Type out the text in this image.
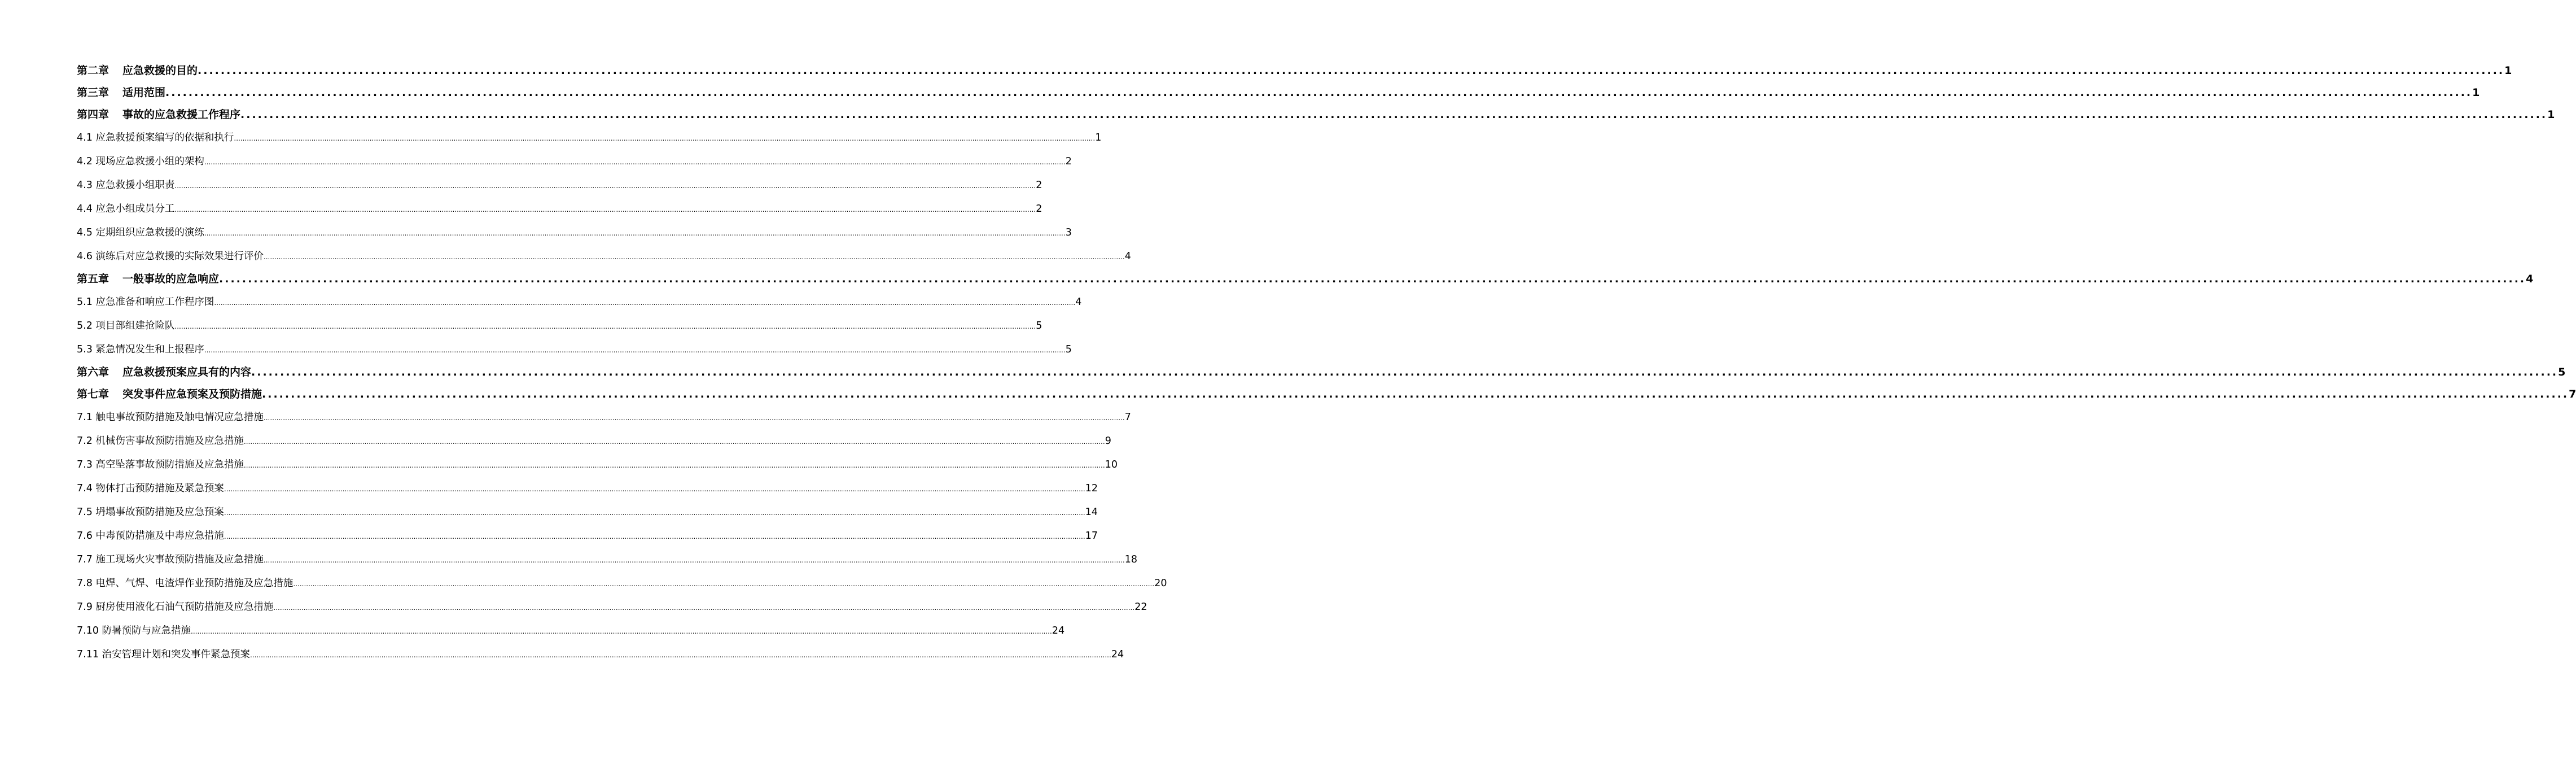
第二章 应急救援的目的 ................................................................................................................................................................................................................................................................................................................................................................................................................ 1
第三章 适用范围 ................................................................................................................................................................................................................................................................................................................................................................................................................ 1
第四章 事故的应急救援工作程序 ................................................................................................................................................................................................................................................................................................................................................................................................................ 1
4.1 应急救援预案编写的依据和执行 ................................................................................................................................................................................................................................................................................................................................................................................................................ 1
4.2 现场应急救援小组的架构 ................................................................................................................................................................................................................................................................................................................................................................................................................ 2
4.3 应急救援小组职责 ................................................................................................................................................................................................................................................................................................................................................................................................................ 2
4.4 应急小组成员分工 ................................................................................................................................................................................................................................................................................................................................................................................................................ 2
4.5 定期组织应急救援的演练 ................................................................................................................................................................................................................................................................................................................................................................................................................ 3
4.6 演练后对应急救援的实际效果进行评价 ................................................................................................................................................................................................................................................................................................................................................................................................................ 4
第五章 一般事故的应急响应 ................................................................................................................................................................................................................................................................................................................................................................................................................ 4
5.1 应急准备和响应工作程序图 ................................................................................................................................................................................................................................................................................................................................................................................................................ 4
5.2 项目部组建抢险队 ................................................................................................................................................................................................................................................................................................................................................................................................................ 5
5.3 紧急情况发生和上报程序 ................................................................................................................................................................................................................................................................................................................................................................................................................ 5
第六章 应急救援预案应具有的内容 ................................................................................................................................................................................................................................................................................................................................................................................................................ 5
第七章 突发事件应急预案及预防措施 ................................................................................................................................................................................................................................................................................................................................................................................................................ 7
7.1 触电事故预防措施及触电情况应急措施 ................................................................................................................................................................................................................................................................................................................................................................................................................ 7
7.2 机械伤害事故预防措施及应急措施 ................................................................................................................................................................................................................................................................................................................................................................................................................ 9
7.3 高空坠落事故预防措施及应急措施 ................................................................................................................................................................................................................................................................................................................................................................................................................ 10
7.4 物体打击预防措施及紧急预案 ................................................................................................................................................................................................................................................................................................................................................................................................................ 12
7.5 坍塌事故预防措施及应急预案 ................................................................................................................................................................................................................................................................................................................................................................................................................ 14
7.6 中毒预防措施及中毒应急措施 ................................................................................................................................................................................................................................................................................................................................................................................................................ 17
7.7 施工现场火灾事故预防措施及应急措施 ................................................................................................................................................................................................................................................................................................................................................................................................................ 18
7.8 电焊、气焊、电渣焊作业预防措施及应急措施 ................................................................................................................................................................................................................................................................................................................................................................................................................ 20
7.9 厨房使用液化石油气预防措施及应急措施 ................................................................................................................................................................................................................................................................................................................................................................................................................ 22
7.10 防暑预防与应急措施 ................................................................................................................................................................................................................................................................................................................................................................................................................ 24
7.11 治安管理计划和突发事件紧急预案 ................................................................................................................................................................................................................................................................................................................................................................................................................ 24
